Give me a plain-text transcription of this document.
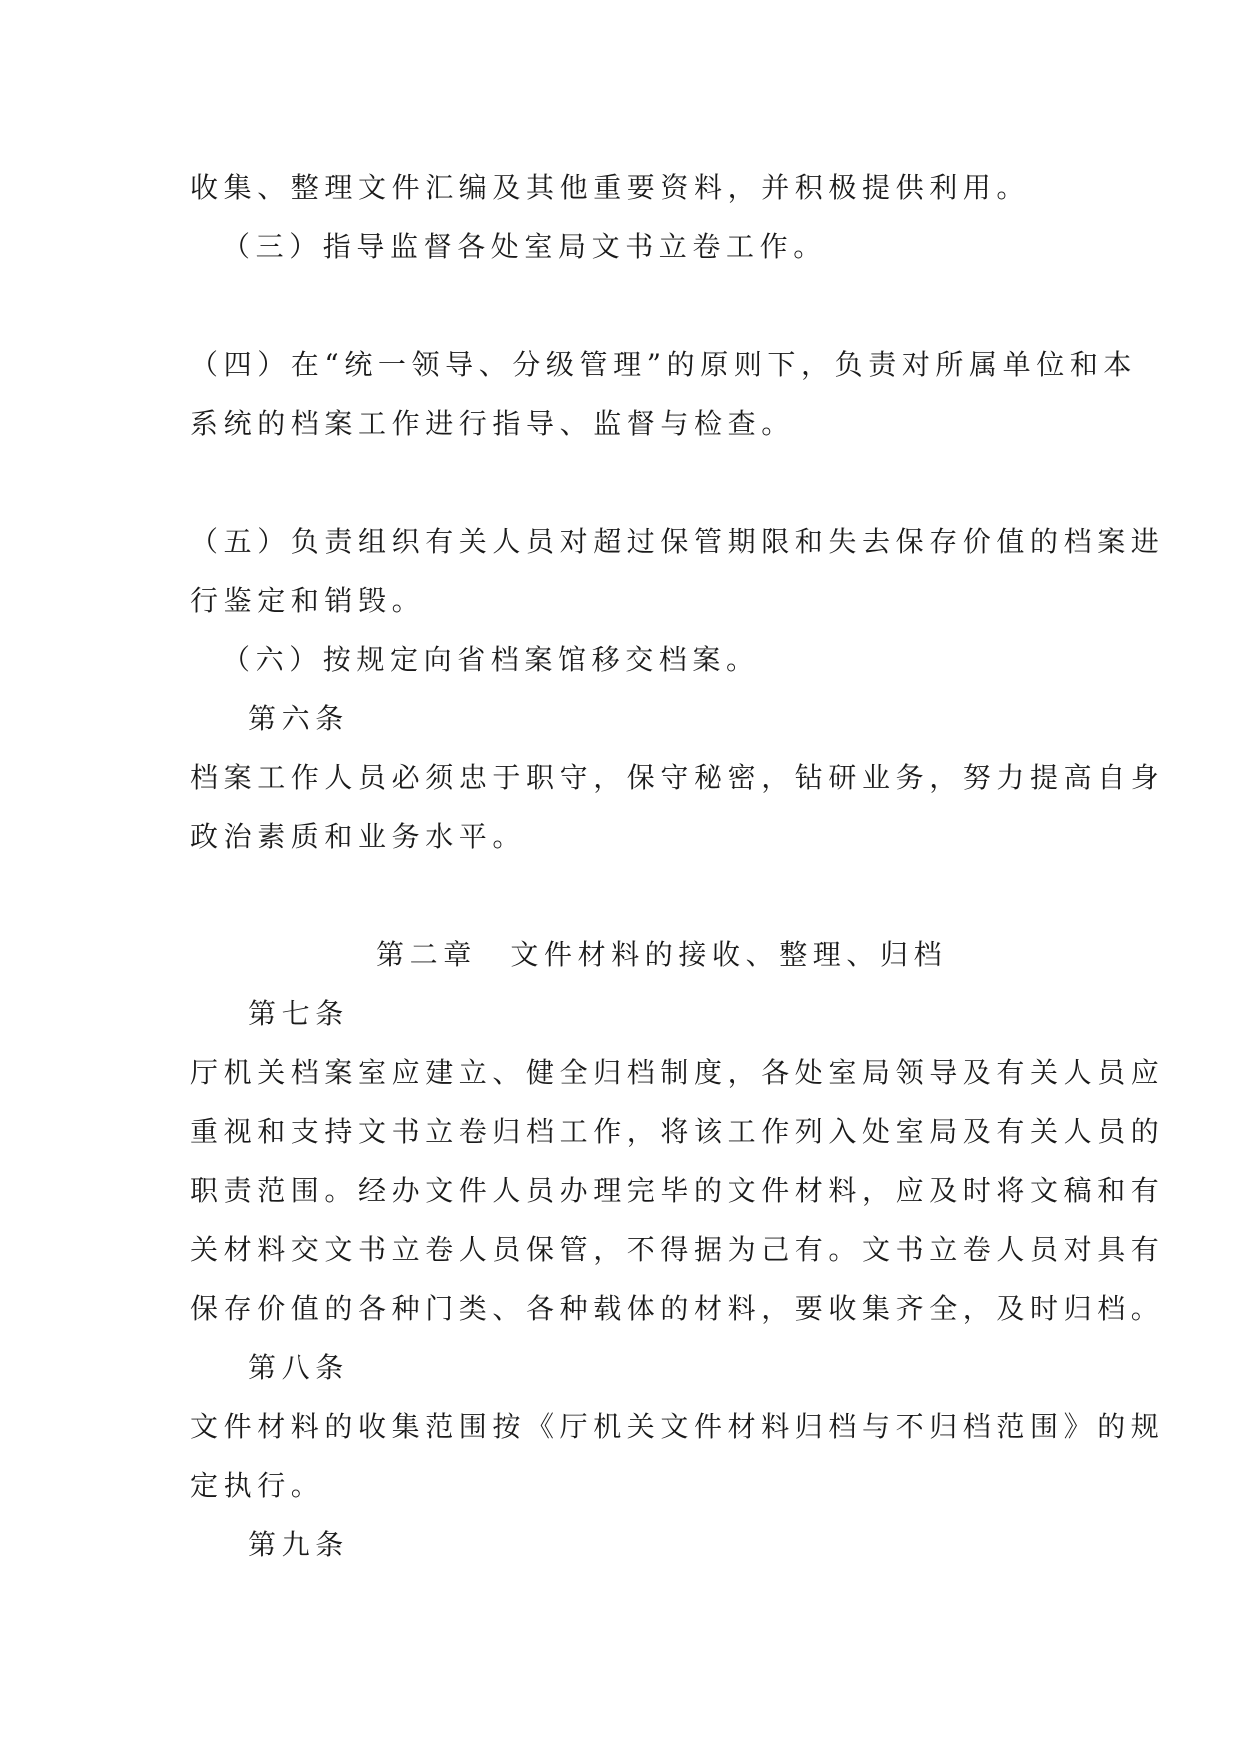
收集、整理文件汇编及其他重要资料，并积极提供利用。
（三）指导监督各处室局文书立卷工作。
（四）在“统一领导、分级管理”的原则下，负责对所属单位和本
系统的档案工作进行指导、监督与检查。
（五）负责组织有关人员对超过保管期限和失去保存价值的档案进
行鉴定和销毁。
（六）按规定向省档案馆移交档案。
第六条
档案工作人员必须忠于职守，保守秘密，钻研业务，努力提高自身
政治素质和业务水平。
第二章　文件材料的接收、整理、归档
第七条
厅机关档案室应建立、健全归档制度，各处室局领导及有关人员应
重视和支持文书立卷归档工作，将该工作列入处室局及有关人员的
职责范围。经办文件人员办理完毕的文件材料，应及时将文稿和有
关材料交文书立卷人员保管，不得据为己有。文书立卷人员对具有
保存价值的各种门类、各种载体的材料，要收集齐全，及时归档。
第八条
文件材料的收集范围按《厅机关文件材料归档与不归档范围》的规
定执行。
第九条
